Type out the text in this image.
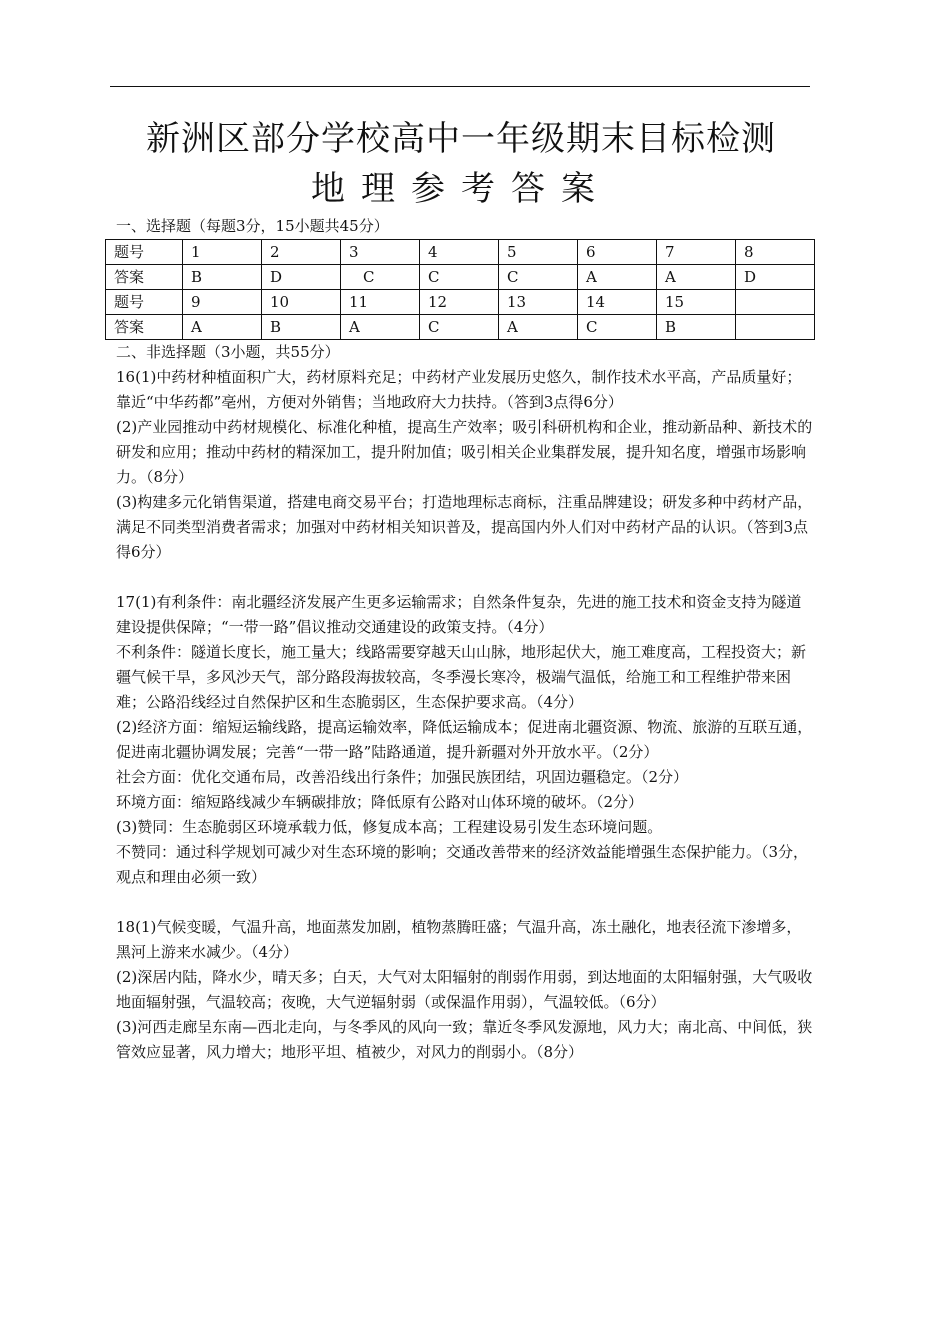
新洲区部分学校高中一年级期末目标检测
地理参考答案

一、选择题（每题3分，15小题共45分）

题号	1	2	3	4	5	6	7	8
答案	B	D	C	C	C	A	A	D
题号	9	10	11	12	13	14	15	
答案	A	B	A	C	A	C	B	

二、非选择题（3小题，共55分）

16(1)中药材种植面积广大，药材原料充足；中药材产业发展历史悠久，制作技术水平高，产品质量好；靠近“中华药都”亳州，方便对外销售；当地政府大力扶持。（答到3点得6分）

(2)产业园推动中药材规模化、标准化种植，提高生产效率；吸引科研机构和企业，推动新品种、新技术的研发和应用；推动中药材的精深加工，提升附加值；吸引相关企业集群发展，提升知名度，增强市场影响力。（8分）

(3)构建多元化销售渠道，搭建电商交易平台；打造地理标志商标，注重品牌建设；研发多种中药材产品，满足不同类型消费者需求；加强对中药材相关知识普及，提高国内外人们对中药材产品的认识。（答到3点得6分）

17(1)有利条件：南北疆经济发展产生更多运输需求；自然条件复杂，先进的施工技术和资金支持为隧道建设提供保障；“一带一路”倡议推动交通建设的政策支持。（4分）

不利条件：隧道长度长，施工量大；线路需要穿越天山山脉，地形起伏大，施工难度高，工程投资大；新疆气候干旱，多风沙天气，部分路段海拔较高，冬季漫长寒冷，极端气温低，给施工和工程维护带来困难；公路沿线经过自然保护区和生态脆弱区，生态保护要求高。（4分）

(2)经济方面：缩短运输线路，提高运输效率，降低运输成本；促进南北疆资源、物流、旅游的互联互通，促进南北疆协调发展；完善“一带一路”陆路通道，提升新疆对外开放水平。（2分）

社会方面：优化交通布局，改善沿线出行条件；加强民族团结，巩固边疆稳定。（2分）

环境方面：缩短路线减少车辆碳排放；降低原有公路对山体环境的破坏。（2分）

(3)赞同：生态脆弱区环境承载力低，修复成本高；工程建设易引发生态环境问题。

不赞同：通过科学规划可减少对生态环境的影响；交通改善带来的经济效益能增强生态保护能力。（3分，观点和理由必须一致）

18(1)气候变暖，气温升高，地面蒸发加剧，植物蒸腾旺盛；气温升高，冻土融化，地表径流下渗增多，黑河上游来水减少。（4分）

(2)深居内陆，降水少，晴天多；白天，大气对太阳辐射的削弱作用弱，到达地面的太阳辐射强，大气吸收地面辐射强，气温较高；夜晚，大气逆辐射弱（或保温作用弱），气温较低。（6分）

(3)河西走廊呈东南—西北走向，与冬季风的风向一致；靠近冬季风发源地，风力大；南北高、中间低，狭管效应显著，风力增大；地形平坦、植被少，对风力的削弱小。（8分）
